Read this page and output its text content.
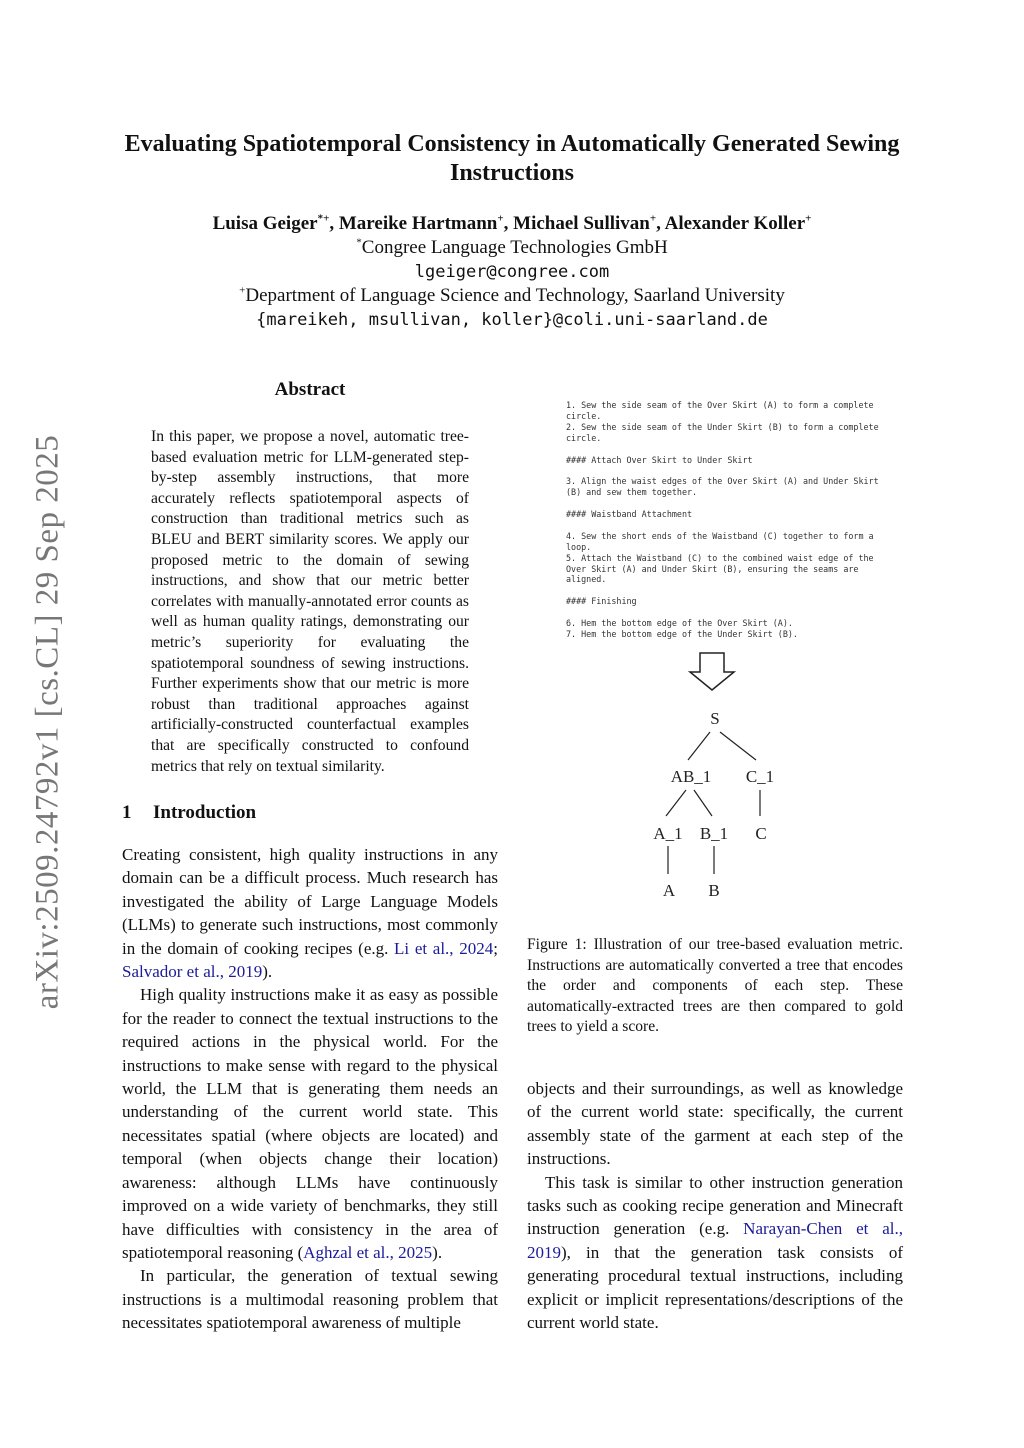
arXiv:2509.24792v1 [cs.CL] 29 Sep 2025
Evaluating Spatiotemporal Consistency in Automatically Generated Sewing Instructions
Luisa Geiger*+, Mareike Hartmann+, Michael Sullivan+, Alexander Koller+
*Congree Language Technologies GmbH
lgeiger@congree.com
+Department of Language Science and Technology, Saarland University
{mareikeh, msullivan, koller}@coli.uni-saarland.de
Abstract
In this paper, we propose a novel, automatic tree-based evaluation metric for LLM-generated step-by-step assembly instructions, that more accurately reflects spatiotemporal aspects of construction than traditional metrics such as BLEU and BERT similarity scores. We apply our proposed metric to the domain of sewing instructions, and show that our metric better correlates with manually-annotated error counts as well as human quality ratings, demonstrating our metric’s superiority for evaluating the spatiotemporal soundness of sewing instructions. Further experiments show that our metric is more robust than traditional approaches against artificially-constructed counterfactual examples that are specifically constructed to confound metrics that rely on textual similarity.
1 Introduction

Creating consistent, high quality instructions in any domain can be a difficult process. Much research has investigated the ability of Large Language Models (LLMs) to generate such instructions, most commonly in the domain of cooking recipes (e.g. Li et al., 2024; Salvador et al., 2019).

High quality instructions make it as easy as possible for the reader to connect the textual instructions to the required actions in the physical world. For the instructions to make sense with regard to the physical world, the LLM that is generating them needs an understanding of the current world state. This necessitates spatial (where objects are located) and temporal (when objects change their location) awareness: although LLMs have continuously improved on a wide variety of benchmarks, they still have difficulties with consistency in the area of spatiotemporal reasoning (Aghzal et al., 2025).

In particular, the generation of textual sewing instructions is a multimodal reasoning problem that necessitates spatiotemporal awareness of multiple

1. Sew the side seam of the Over Skirt (A) to form a complete
circle.
2. Sew the side seam of the Under Skirt (B) to form a complete
circle.
#### Attach Over Skirt to Under Skirt
3. Align the waist edges of the Over Skirt (A) and Under Skirt
(B) and sew them together.
#### Waistband Attachment
4. Sew the short ends of the Waistband (C) together to form a
loop.
5. Attach the Waistband (C) to the combined waist edge of the
Over Skirt (A) and Under Skirt (B), ensuring the seams are
aligned.
#### Finishing
6. Hem the bottom edge of the Over Skirt (A).
7. Hem the bottom edge of the Under Skirt (B).
S
AB_1 C_1
A_1 B_1 C
A B
Figure 1: Illustration of our tree-based evaluation metric. Instructions are automatically converted a tree that encodes the order and components of each step. These automatically-extracted trees are then compared to gold trees to yield a score.

objects and their surroundings, as well as knowledge of the current world state: specifically, the current assembly state of the garment at each step of the instructions.

This task is similar to other instruction generation tasks such as cooking recipe generation and Minecraft instruction generation (e.g. Narayan-Chen et al., 2019), in that the generation task consists of generating procedural textual instructions, including explicit or implicit representations/descriptions of the current world state.
